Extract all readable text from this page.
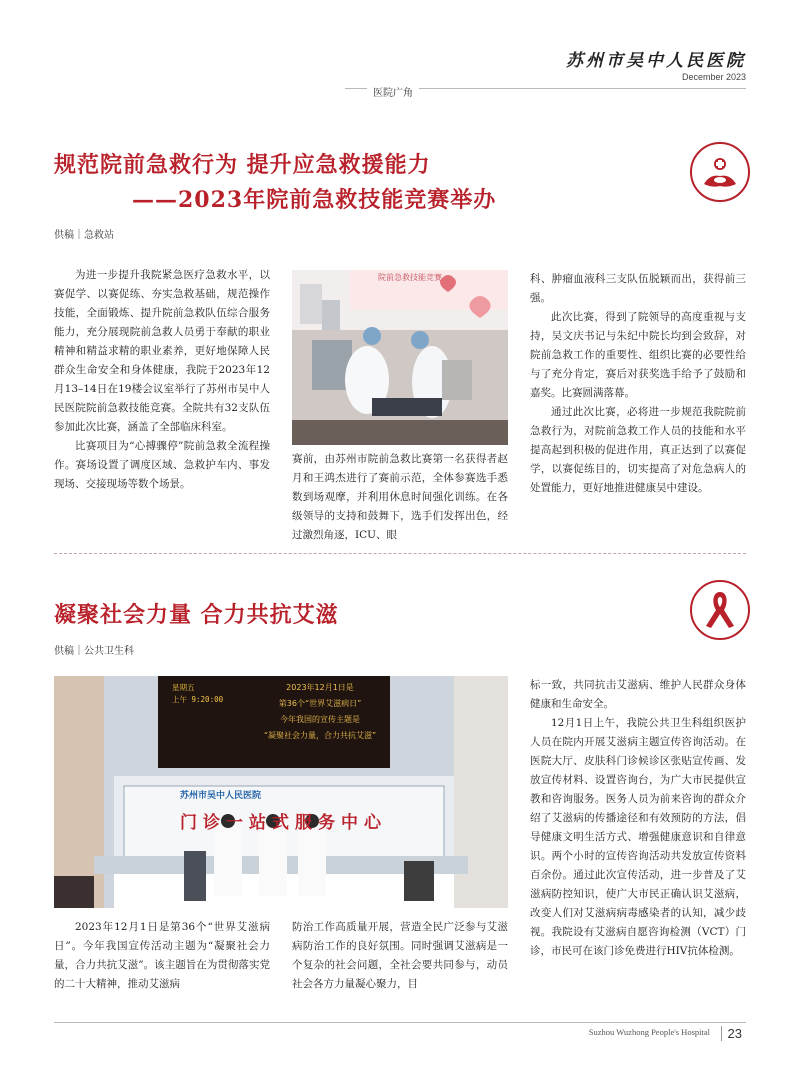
苏州市吴中人民医院
December 2023
医院广角
规范院前急救行为 提升应急救援能力
——2023年院前急救技能竞赛举办
供稿｜急救站

为进一步提升我院紧急医疗急救水平，以赛促学、以赛促练、夯实急救基础，规范操作技能，全面锻炼、提升院前急救队伍综合服务能力，充分展现院前急救人员勇于奉献的职业精神和精益求精的职业素养，更好地保障人民群众生命安全和身体健康，我院于2023年12月13–14日在19楼会议室举行了苏州市吴中人民医院院前急救技能竞赛。全院共有32支队伍参加此次比赛，涵盖了全部临床科室。

比赛项目为“心搏骤停”院前急救全流程操作。赛场设置了调度区域、急救护车内、事发现场、交接现场等数个场景。

院前急救技能竞赛

赛前，由苏州市院前急救比赛第一名获得者赵月和王鸿杰进行了赛前示范，全体参赛选手悉数到场观摩，并利用休息时间强化训练。在各级领导的支持和鼓舞下，选手们发挥出色，经过激烈角逐，ICU、眼

科、肿瘤血液科三支队伍脱颖而出，获得前三强。

此次比赛，得到了院领导的高度重视与支持，吴文庆书记与朱纪中院长均到会致辞，对院前急救工作的重要性、组织比赛的必要性给与了充分肯定，赛后对获奖选手给予了鼓励和嘉奖。比赛圆满落幕。

通过此次比赛，必将进一步规范我院院前急救行为，对院前急救工作人员的技能和水平提高起到积极的促进作用，真正达到了以赛促学，以赛促练目的，切实提高了对危急病人的处置能力，更好地推进健康吴中建设。

凝聚社会力量 合力共抗艾滋
供稿｜公共卫生科
星期五
上午 9:20:00
2023年12月1日是
第36个“世界艾滋病日”
今年我国的宣传主题是
“凝聚社会力量，合力共抗艾滋”
苏州市吴中人民医院
门诊一站式服务中心

2023年12月1日是第36个“世界艾滋病日”。今年我国宣传活动主题为“凝聚社会力量，合力共抗艾滋”。该主题旨在为贯彻落实党的二十大精神，推动艾滋病

防治工作高质量开展，营造全民广泛参与艾滋病防治工作的良好氛围。同时强调艾滋病是一个复杂的社会问题，全社会要共同参与，动员社会各方力量凝心聚力，目

标一致，共同抗击艾滋病、维护人民群众身体健康和生命安全。

12月1日上午，我院公共卫生科组织医护人员在院内开展艾滋病主题宣传咨询活动。在医院大厅、皮肤科门诊候诊区张贴宣传画、发放宣传材料、设置咨询台，为广大市民提供宣教和咨询服务。医务人员为前来咨询的群众介绍了艾滋病的传播途径和有效预防的方法，倡导健康文明生活方式、增强健康意识和自律意识。两个小时的宣传咨询活动共发放宣传资料百余份。通过此次宣传活动，进一步普及了艾滋病防控知识，使广大市民正确认识艾滋病，改变人们对艾滋病病毒感染者的认知，减少歧视。我院设有艾滋病自愿咨询检测（VCT）门诊，市民可在该门诊免费进行HIV抗体检测。

Suzhou Wuzhong People's Hospital	23
